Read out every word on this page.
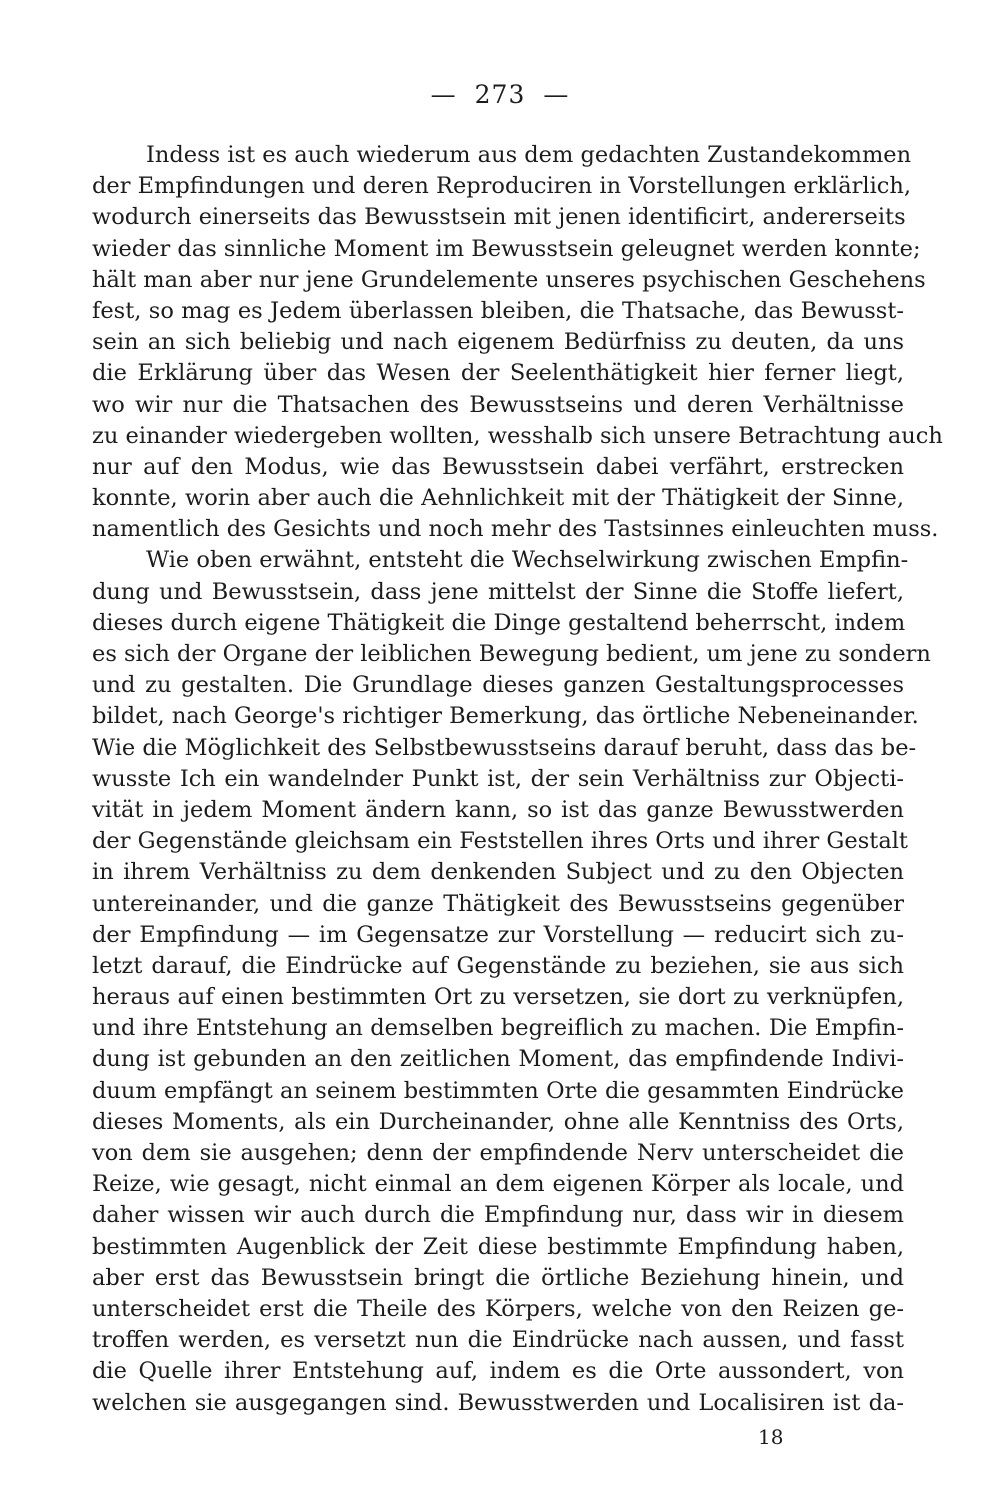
— 273 —
Indess ist es auch wiederum aus dem gedachten Zustandekommen
der Empfindungen und deren Reproduciren in Vorstellungen erklärlich,
wodurch einerseits das Bewusstsein mit jenen identificirt, andererseits
wieder das sinnliche Moment im Bewusstsein geleugnet werden konnte;
hält man aber nur jene Grundelemente unseres psychischen Geschehens
fest, so mag es Jedem überlassen bleiben, die Thatsache, das Bewusst-
sein an sich beliebig und nach eigenem Bedürfniss zu deuten, da uns
die Erklärung über das Wesen der Seelenthätigkeit hier ferner liegt,
wo wir nur die Thatsachen des Bewusstseins und deren Verhältnisse
zu einander wiedergeben wollten, wesshalb sich unsere Betrachtung auch
nur auf den Modus, wie das Bewusstsein dabei verfährt, erstrecken
konnte, worin aber auch die Aehnlichkeit mit der Thätigkeit der Sinne,
namentlich des Gesichts und noch mehr des Tastsinnes einleuchten muss.
Wie oben erwähnt, entsteht die Wechselwirkung zwischen Empfin-
dung und Bewusstsein, dass jene mittelst der Sinne die Stoffe liefert,
dieses durch eigene Thätigkeit die Dinge gestaltend beherrscht, indem
es sich der Organe der leiblichen Bewegung bedient, um jene zu sondern
und zu gestalten. Die Grundlage dieses ganzen Gestaltungsprocesses
bildet, nach George's richtiger Bemerkung, das örtliche Nebeneinander.
Wie die Möglichkeit des Selbstbewusstseins darauf beruht, dass das be-
wusste Ich ein wandelnder Punkt ist, der sein Verhältniss zur Objecti-
vität in jedem Moment ändern kann, so ist das ganze Bewusstwerden
der Gegenstände gleichsam ein Feststellen ihres Orts und ihrer Gestalt
in ihrem Verhältniss zu dem denkenden Subject und zu den Objecten
untereinander, und die ganze Thätigkeit des Bewusstseins gegenüber
der Empfindung — im Gegensatze zur Vorstellung — reducirt sich zu-
letzt darauf, die Eindrücke auf Gegenstände zu beziehen, sie aus sich
heraus auf einen bestimmten Ort zu versetzen, sie dort zu verknüpfen,
und ihre Entstehung an demselben begreiflich zu machen. Die Empfin-
dung ist gebunden an den zeitlichen Moment, das empfindende Indivi-
duum empfängt an seinem bestimmten Orte die gesammten Eindrücke
dieses Moments, als ein Durcheinander, ohne alle Kenntniss des Orts,
von dem sie ausgehen; denn der empfindende Nerv unterscheidet die
Reize, wie gesagt, nicht einmal an dem eigenen Körper als locale, und
daher wissen wir auch durch die Empfindung nur, dass wir in diesem
bestimmten Augenblick der Zeit diese bestimmte Empfindung haben,
aber erst das Bewusstsein bringt die örtliche Beziehung hinein, und
unterscheidet erst die Theile des Körpers, welche von den Reizen ge-
troffen werden, es versetzt nun die Eindrücke nach aussen, und fasst
die Quelle ihrer Entstehung auf, indem es die Orte aussondert, von
welchen sie ausgegangen sind. Bewusstwerden und Localisiren ist da-
18
